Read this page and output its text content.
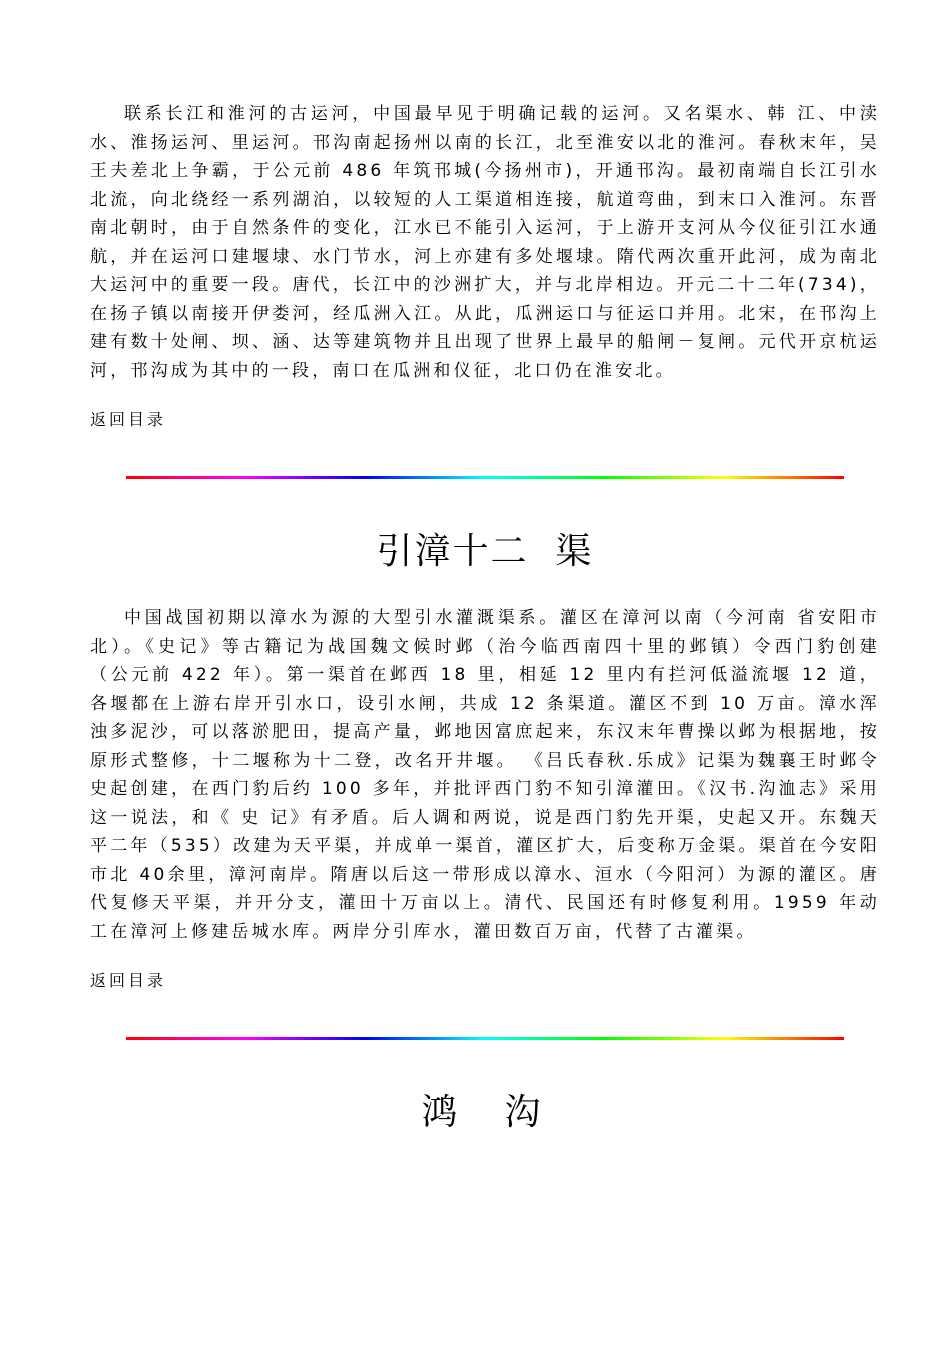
联系长江和淮河的古运河，中国最早见于明确记载的运河。又名渠水、韩 江、中渎水、淮扬运河、里运河。邗沟南起扬州以南的长江，北至淮安以北的淮河。春秋末年，吴王夫差北上争霸，于公元前 486 年筑邗城(今扬州市)，开通邗沟。最初南端自长江引水北流，向北绕经一系列湖泊，以较短的人工渠道相连接，航道弯曲，到末口入淮河。东晋南北朝时，由于自然条件的变化，江水已不能引入运河，于上游开支河从今仪征引江水通航，并在运河口建堰埭、水门节水，河上亦建有多处堰埭。隋代两次重开此河，成为南北大运河中的重要一段。唐代，长江中的沙洲扩大，并与北岸相边。开元二十二年(734)，在扬子镇以南接开伊娄河，经瓜洲入江。从此，瓜洲运口与征运口并用。北宋，在邗沟上建有数十处闸、坝、涵、达等建筑物并且出现了世界上最早的船闸－复闸。元代开京杭运河，邗沟成为其中的一段，南口在瓜洲和仪征，北口仍在淮安北。

返回目录
引漳十二  渠

中国战国初期以漳水为源的大型引水灌溉渠系。灌区在漳河以南（今河南 省安阳市北）。《史记》等古籍记为战国魏文候时邺（治今临西南四十里的邺镇）令西门豹创建（公元前 422 年）。第一渠首在邺西 18 里，相延 12 里内有拦河低溢流堰 12 道，各堰都在上游右岸开引水口，设引水闸，共成 12 条渠道。灌区不到 10 万亩。漳水浑浊多泥沙，可以落淤肥田，提高产量，邺地因富庶起来，东汉末年曹操以邺为根据地，按原形式整修，十二堰称为十二登，改名开井堰。 《吕氏春秋.乐成》记渠为魏襄王时邺令史起创建，在西门豹后约 100 多年，并批评西门豹不知引漳灌田。《汉书.沟洫志》采用这一说法，和《 史 记》有矛盾。后人调和两说，说是西门豹先开渠，史起又开。东魏天平二年（535）改建为天平渠，并成单一渠首，灌区扩大，后变称万金渠。渠首在今安阳市北 40余里，漳河南岸。隋唐以后这一带形成以漳水、洹水（今阳河）为源的灌区。唐代复修天平渠，并开分支，灌田十万亩以上。清代、民国还有时修复利用。1959 年动工在漳河上修建岳城水库。两岸分引库水，灌田数百万亩，代替了古灌渠。

返回目录
鸿  沟
